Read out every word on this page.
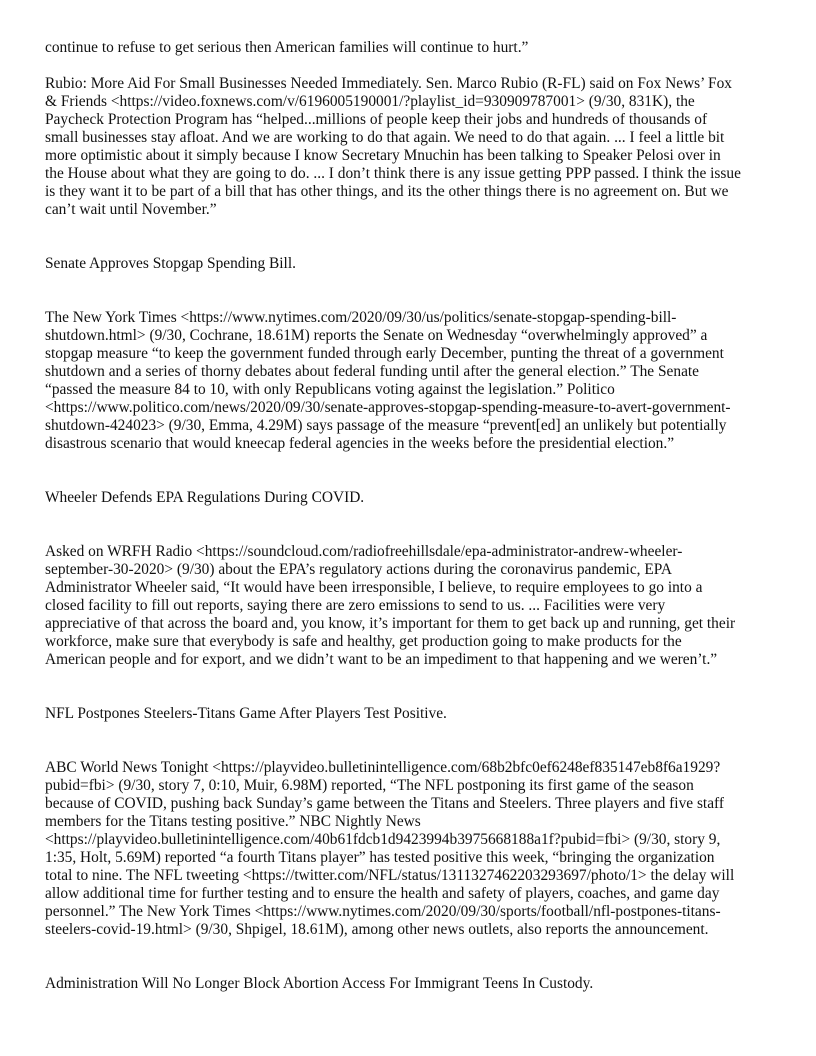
continue to refuse to get serious then American families will continue to hurt.”

Rubio: More Aid For Small Businesses Needed Immediately. Sen. Marco Rubio (R-FL) said on Fox News’ Fox
& Friends <https://video.foxnews.com/v/6196005190001/?playlist_id=930909787001> (9/30, 831K), the
Paycheck Protection Program has “helped...millions of people keep their jobs and hundreds of thousands of
small businesses stay afloat. And we are working to do that again. We need to do that again. ... I feel a little bit
more optimistic about it simply because I know Secretary Mnuchin has been talking to Speaker Pelosi over in
the House about what they are going to do. ... I don’t think there is any issue getting PPP passed. I think the issue
is they want it to be part of a bill that has other things, and its the other things there is no agreement on. But we
can’t wait until November.”

Senate Approves Stopgap Spending Bill.

The New York Times <https://www.nytimes.com/2020/09/30/us/politics/senate-stopgap-spending-bill-
shutdown.html> (9/30, Cochrane, 18.61M) reports the Senate on Wednesday “overwhelmingly approved” a
stopgap measure “to keep the government funded through early December, punting the threat of a government
shutdown and a series of thorny debates about federal funding until after the general election.” The Senate
“passed the measure 84 to 10, with only Republicans voting against the legislation.” Politico
<https://www.politico.com/news/2020/09/30/senate-approves-stopgap-spending-measure-to-avert-government-
shutdown-424023> (9/30, Emma, 4.29M) says passage of the measure “prevent[ed] an unlikely but potentially
disastrous scenario that would kneecap federal agencies in the weeks before the presidential election.”

Wheeler Defends EPA Regulations During COVID.

Asked on WRFH Radio <https://soundcloud.com/radiofreehillsdale/epa-administrator-andrew-wheeler-
september-30-2020> (9/30) about the EPA’s regulatory actions during the coronavirus pandemic, EPA
Administrator Wheeler said, “It would have been irresponsible, I believe, to require employees to go into a
closed facility to fill out reports, saying there are zero emissions to send to us. ... Facilities were very
appreciative of that across the board and, you know, it’s important for them to get back up and running, get their
workforce, make sure that everybody is safe and healthy, get production going to make products for the
American people and for export, and we didn’t want to be an impediment to that happening and we weren’t.”

NFL Postpones Steelers-Titans Game After Players Test Positive.

ABC World News Tonight <https://playvideo.bulletinintelligence.com/68b2bfc0ef6248ef835147eb8f6a1929?
pubid=fbi> (9/30, story 7, 0:10, Muir, 6.98M) reported, “The NFL postponing its first game of the season
because of COVID, pushing back Sunday’s game between the Titans and Steelers. Three players and five staff
members for the Titans testing positive.” NBC Nightly News
<https://playvideo.bulletinintelligence.com/40b61fdcb1d9423994b3975668188a1f?pubid=fbi> (9/30, story 9,
1:35, Holt, 5.69M) reported “a fourth Titans player” has tested positive this week, “bringing the organization
total to nine. The NFL tweeting <https://twitter.com/NFL/status/1311327462203293697/photo/1> the delay will
allow additional time for further testing and to ensure the health and safety of players, coaches, and game day
personnel.” The New York Times <https://www.nytimes.com/2020/09/30/sports/football/nfl-postpones-titans-
steelers-covid-19.html> (9/30, Shpigel, 18.61M), among other news outlets, also reports the announcement.

Administration Will No Longer Block Abortion Access For Immigrant Teens In Custody.
